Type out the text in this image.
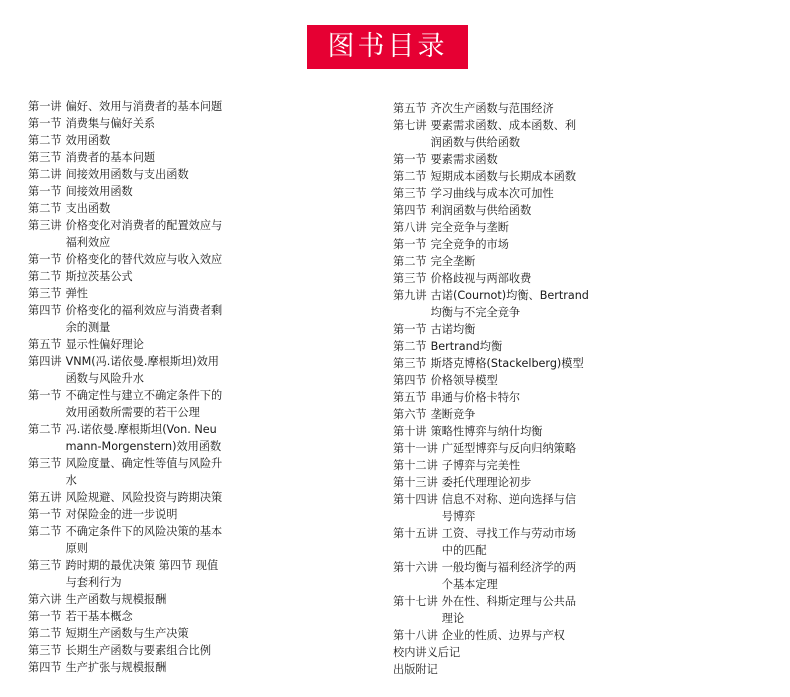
图书目录
第一讲 偏好、效用与消费者的基本问题
第一节 消费集与偏好关系
第二节 效用函数
第三节 消费者的基本问题
第二讲 间接效用函数与支出函数
第一节 间接效用函数
第二节 支出函数
第三讲 价格变化对消费者的配置效应与
福利效应
第一节 价格变化的替代效应与收入效应
第二节 斯拉茨基公式
第三节 弹性
第四节 价格变化的福利效应与消费者剩
余的测量
第五节 显示性偏好理论
第四讲 VNM(冯.诺依曼.摩根斯坦)效用
函数与风险升水
第一节 不确定性与建立不确定条件下的
效用函数所需要的若干公理
第二节 冯.诺依曼.摩根斯坦(Von. Neu
mann-Morgenstern)效用函数
第三节 风险度量、确定性等值与风险升
水
第五讲 风险规避、风险投资与跨期决策
第一节 对保险金的进一步说明
第二节 不确定条件下的风险决策的基本
原则
第三节 跨时期的最优决策 第四节 现值
与套利行为
第六讲 生产函数与规模报酬
第一节 若干基本概念
第二节 短期生产函数与生产决策
第三节 长期生产函数与要素组合比例
第四节 生产扩张与规模报酬
第五节 齐次生产函数与范围经济
第七讲 要素需求函数、成本函数、利
润函数与供给函数
第一节 要素需求函数
第二节 短期成本函数与长期成本函数
第三节 学习曲线与成本次可加性
第四节 利润函数与供给函数
第八讲 完全竞争与垄断
第一节 完全竞争的市场
第二节 完全垄断
第三节 价格歧视与两部收费
第九讲 古诺(Cournot)均衡、Bertrand
均衡与不完全竞争
第一节 古诺均衡
第二节 Bertrand均衡
第三节 斯塔克博格(Stackelberg)模型
第四节 价格领导模型
第五节 串通与价格卡特尔
第六节 垄断竞争
第十讲 策略性博弈与纳什均衡
第十一讲 广延型博弈与反向归纳策略
第十二讲 子博弈与完美性
第十三讲 委托代理理论初步
第十四讲 信息不对称、逆向选择与信
号博弈
第十五讲 工资、寻找工作与劳动市场
中的匹配
第十六讲 一般均衡与福利经济学的两
个基本定理
第十七讲 外在性、科斯定理与公共品
理论
第十八讲 企业的性质、边界与产权
校内讲义后记
出版附记
